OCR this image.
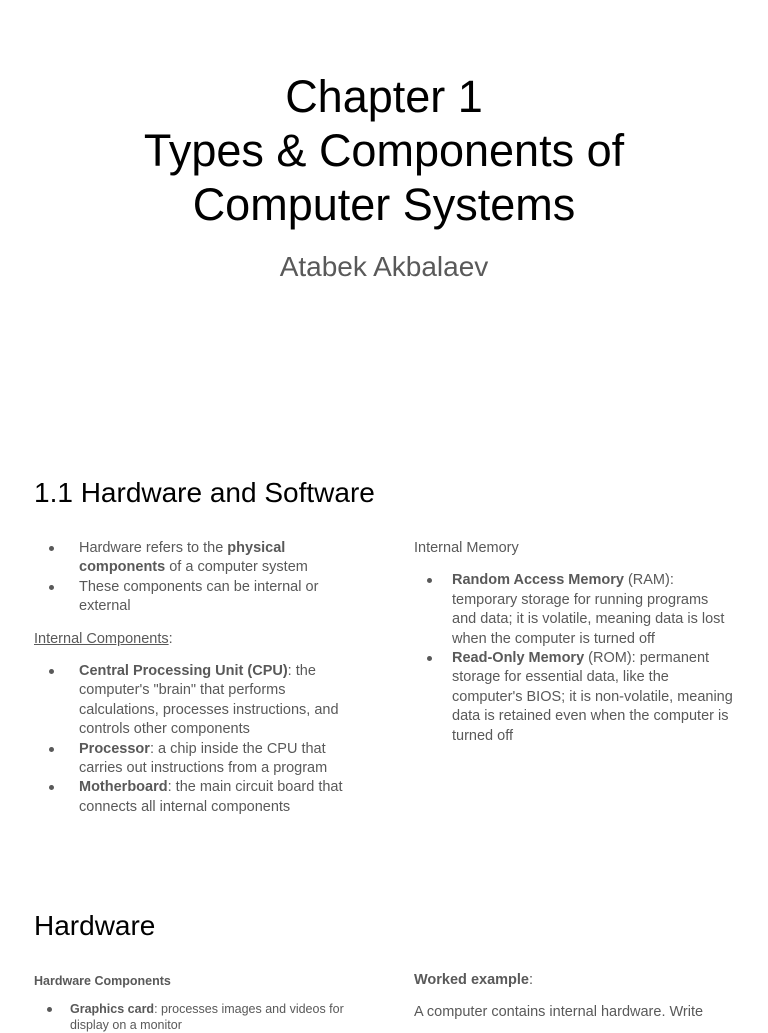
Chapter 1
Types & Components of
Computer Systems
Atabek Akbalaev
1.1 Hardware and Software
Hardware refers to the physical components of a computer system
These components can be internal or external

Internal Components:

Central Processing Unit (CPU): the computer's "brain" that performs calculations, processes instructions, and controls other components
Processor: a chip inside the CPU that carries out instructions from a program
Motherboard: the main circuit board that connects all internal components

Internal Memory

Random Access Memory (RAM): temporary storage for running programs and data; it is volatile, meaning data is lost when the computer is turned off
Read-Only Memory (ROM): permanent storage for essential data, like the computer's BIOS; it is non-volatile, meaning data is retained even when the computer is turned off
Hardware

Hardware Components

Graphics card: processes images and videos for display on a monitor

Worked example:

A computer contains internal hardware. Write
